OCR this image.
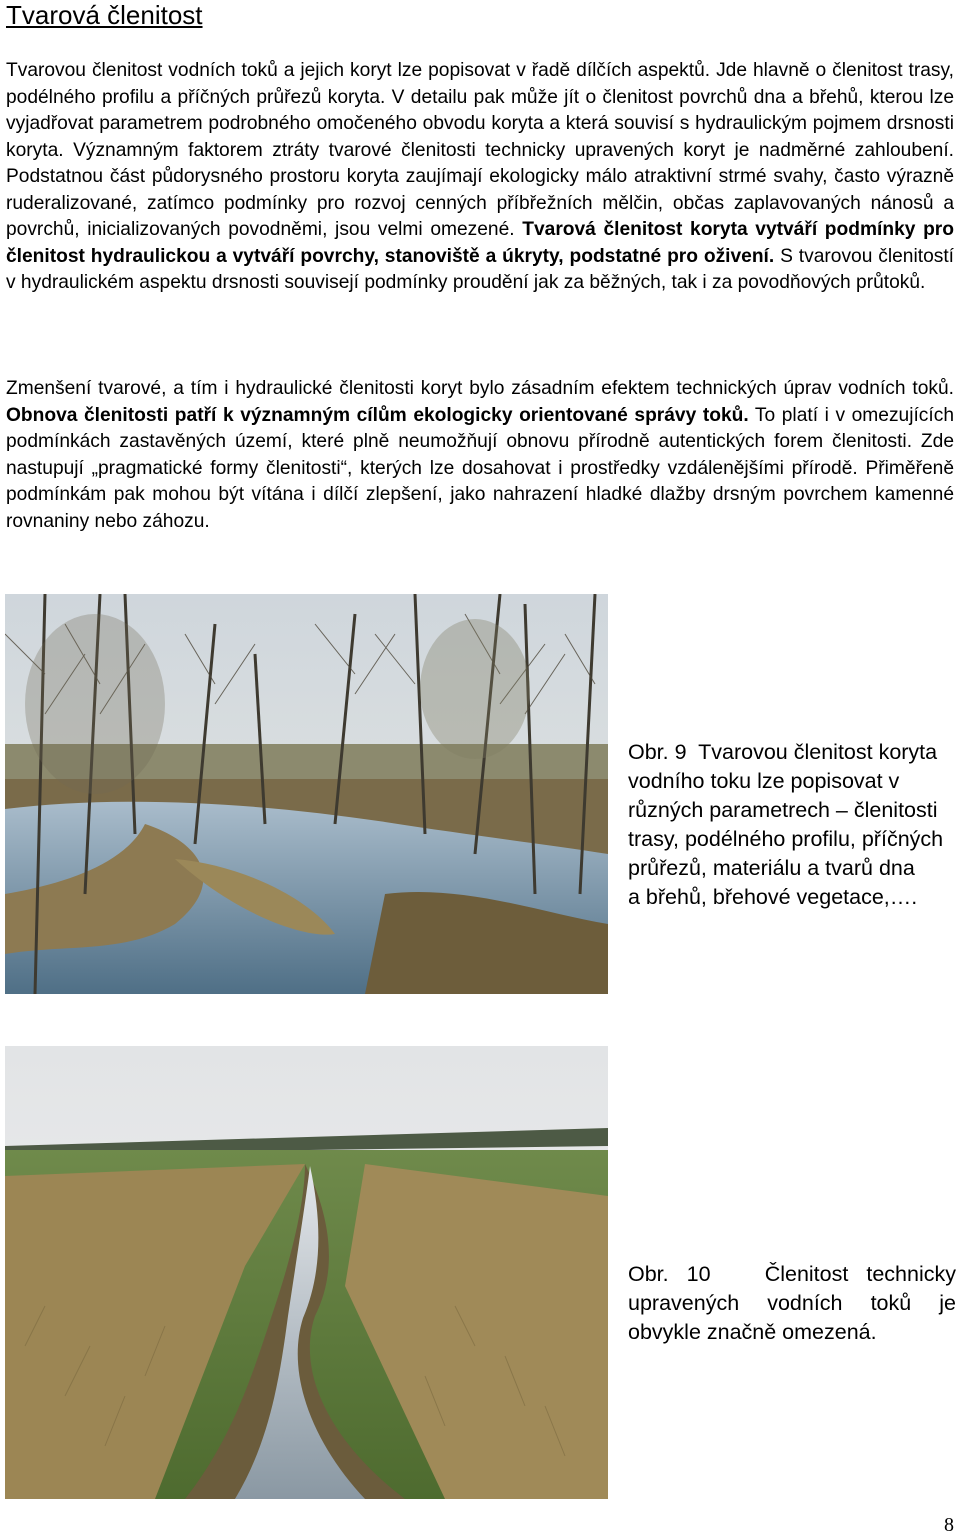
Tvarová členitost

Tvarovou členitost vodních toků a jejich koryt lze popisovat v řadě dílčích aspektů. Jde hlavně o členitost trasy, podélného profilu a příčných průřezů koryta. V detailu pak může jít o členitost povrchů dna a břehů, kterou lze vyjadřovat parametrem podrobného omočeného obvodu koryta a která souvisí s hydraulickým pojmem drsnosti koryta. Významným faktorem ztráty tvarové členitosti technicky upravených koryt je nadměrné zahloubení. Podstatnou část půdorysného prostoru koryta zaujímají ekologicky málo atraktivní strmé svahy, často výrazně ruderalizované, zatímco podmínky pro rozvoj cenných příbřežních mělčin, občas zaplavovaných nánosů a povrchů, inicializovaných povodněmi, jsou velmi omezené. Tvarová členitost koryta vytváří podmínky pro členitost hydraulickou a vytváří povrchy, stanoviště a úkryty, podstatné pro oživení. S tvarovou členitostí v hydraulickém aspektu drsnosti souvisejí podmínky proudění jak za běžných, tak i za povodňových průtoků.

Zmenšení tvarové, a tím i hydraulické členitosti koryt bylo zásadním efektem technických úprav vodních toků. Obnova členitosti patří k významným cílům ekologicky orientované správy toků. To platí i v omezujících podmínkách zastavěných území, které plně neumožňují obnovu přírodně autentických forem členitosti. Zde nastupují „pragmatické formy členitosti“, kterých lze dosahovat i prostředky vzdálenějšími přírodě. Přiměřeně podmínkám pak mohou být vítána i dílčí zlepšení, jako nahrazení hladké dlažby drsným povrchem kamenné rovnaniny nebo záhozu.

Obr. 9 Tvarovou členitost koryta vodního toku lze popisovat v různých parametrech – členitosti trasy, podélného profilu, příčných průřezů, materiálu a tvarů dna
a břehů, břehové vegetace,….
Obr. 10	Členitost technicky upravených vodních toků je obvykle značně omezená.
8
